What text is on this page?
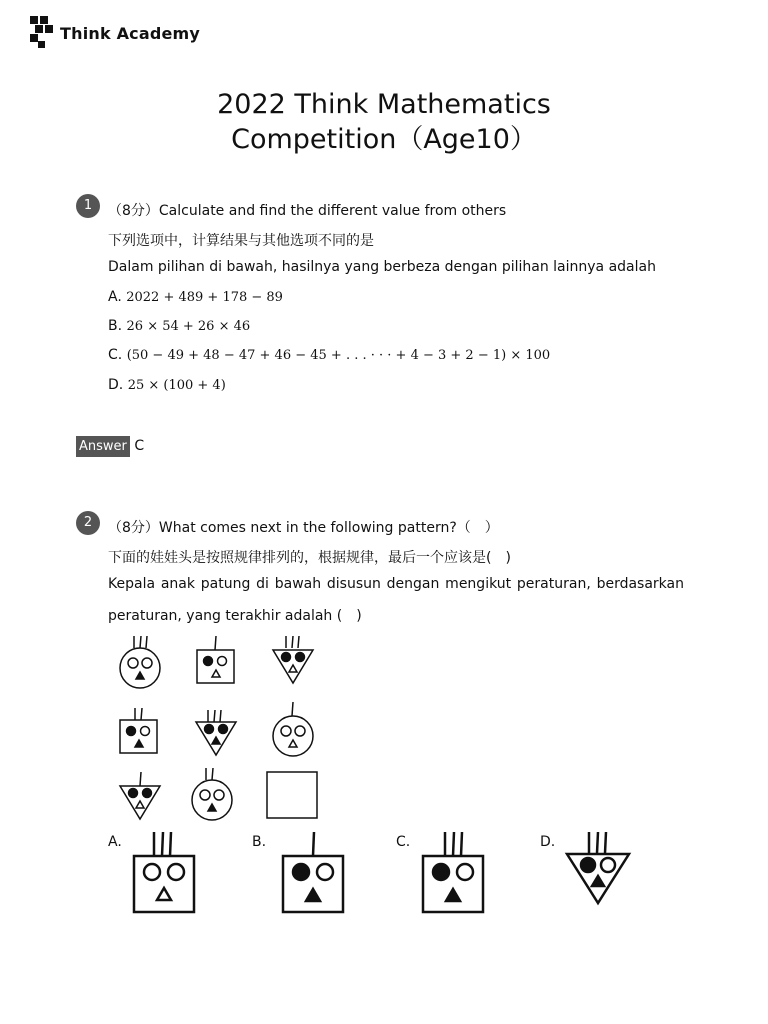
Think Academy
2022 Think Mathematics
Competition（Age10）
1	（8分）Calculate and find the different value from others
下列选项中，计算结果与其他选项不同的是
Dalam pilihan di bawah, hasilnya yang berbeza dengan pilihan lainnya adalah
A. 2022 + 489 + 178 − 89
B. 26 × 54 + 26 × 46
C. (50 − 49 + 48 − 47 + 46 − 45 + . . . · · · + 4 − 3 + 2 − 1) × 100
D. 25 × (100 + 4)
Answer C
2	（8分）What comes next in the following pattern?（　）
下面的娃娃头是按照规律排列的，根据规律，最后一个应该是(　)
Kepala anak patung di bawah disusun dengan mengikut peraturan, berdasarkan
peraturan, yang terakhir adalah (　)
A.	B.	C.	D.
